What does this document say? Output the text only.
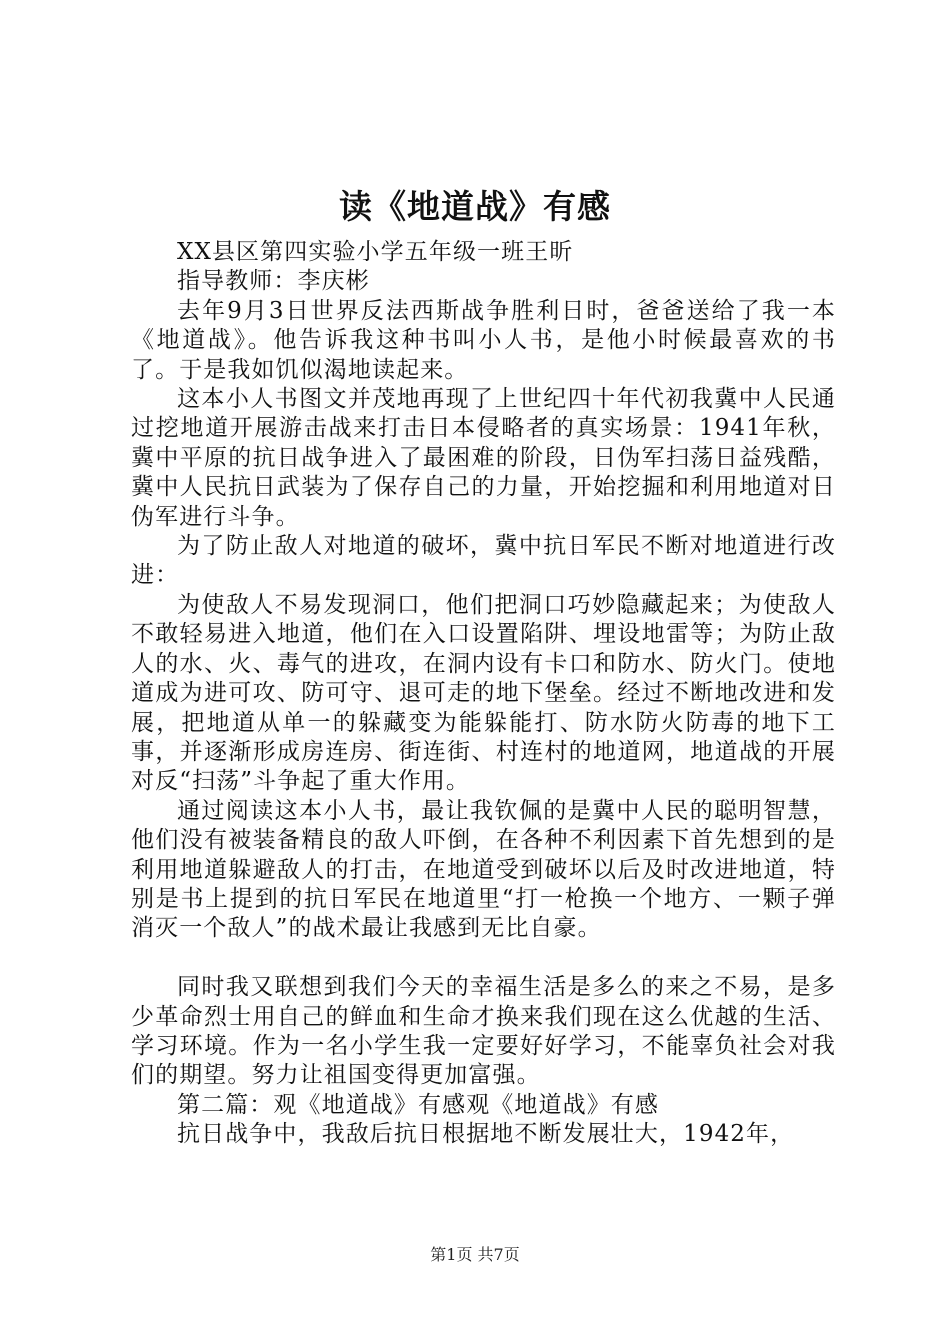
读《地道战》有感

XX县区第四实验小学五年级一班王昕

指导教师：李庆彬

去年9月3日世界反法西斯战争胜利日时，爸爸送给了我一本《地道战》。他告诉我这种书叫小人书，是他小时候最喜欢的书了。于是我如饥似渴地读起来。

这本小人书图文并茂地再现了上世纪四十年代初我冀中人民通过挖地道开展游击战来打击日本侵略者的真实场景：1941年秋，冀中平原的抗日战争进入了最困难的阶段，日伪军扫荡日益残酷，冀中人民抗日武装为了保存自己的力量，开始挖掘和利用地道对日伪军进行斗争。

为了防止敌人对地道的破坏，冀中抗日军民不断对地道进行改进：

为使敌人不易发现洞口，他们把洞口巧妙隐藏起来；为使敌人不敢轻易进入地道，他们在入口设置陷阱、埋设地雷等；为防止敌人的水、火、毒气的进攻，在洞内设有卡口和防水、防火门。使地道成为进可攻、防可守、退可走的地下堡垒。经过不断地改进和发展，把地道从单一的躲藏变为能躲能打、防水防火防毒的地下工事，并逐渐形成房连房、街连街、村连村的地道网，地道战的开展对反“扫荡”斗争起了重大作用。

通过阅读这本小人书，最让我钦佩的是冀中人民的聪明智慧，他们没有被装备精良的敌人吓倒，在各种不利因素下首先想到的是利用地道躲避敌人的打击，在地道受到破坏以后及时改进地道，特别是书上提到的抗日军民在地道里“打一枪换一个地方、一颗子弹消灭一个敌人”的战术最让我感到无比自豪。

同时我又联想到我们今天的幸福生活是多么的来之不易，是多少革命烈士用自己的鲜血和生命才换来我们现在这么优越的生活、学习环境。作为一名小学生我一定要好好学习，不能辜负社会对我们的期望。努力让祖国变得更加富强。

第二篇：观《地道战》有感观《地道战》有感

抗日战争中，我敌后抗日根据地不断发展壮大，1942年，

第1页 共7页
